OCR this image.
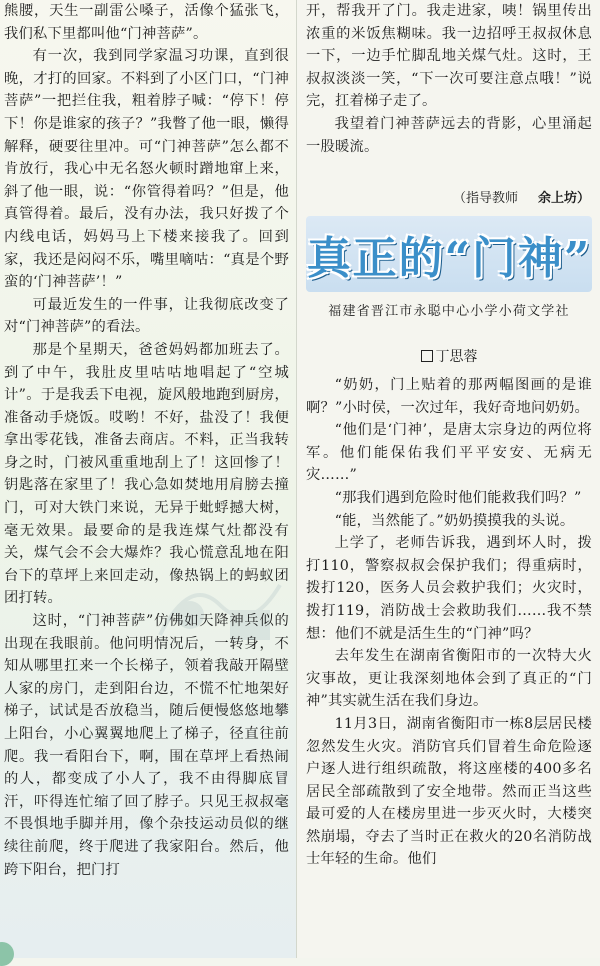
熊腰，天生一副雷公嗓子，活像个猛张飞，我们私下里都叫他“门神菩萨”。

有一次，我到同学家温习功课，直到很晚，才打的回家。不料到了小区门口，“门神菩萨”一把拦住我，粗着脖子喊：“停下！停下！你是谁家的孩子？”我瞥了他一眼，懒得解释，硬要往里冲。可“门神菩萨”怎么都不肯放行，我心中无名怒火顿时蹭地窜上来，斜了他一眼，说：“你管得着吗？”但是，他真管得着。最后，没有办法，我只好拨了个内线电话，妈妈马上下楼来接我了。回到家，我还是闷闷不乐，嘴里嘀咕：“真是个野蛮的‘门神菩萨’！”

可最近发生的一件事，让我彻底改变了对“门神菩萨”的看法。

那是个星期天，爸爸妈妈都加班去了。到了中午，我肚皮里咕咕地唱起了“空城计”。于是我丢下电视，旋风般地跑到厨房，准备动手烧饭。哎哟！不好，盐没了！我便拿出零花钱，准备去商店。不料，正当我转身之时，门被风重重地刮上了！这回惨了！钥匙落在家里了！我心急如焚地用肩膀去撞门，可对大铁门来说，无异于蚍蜉撼大树，毫无效果。最要命的是我连煤气灶都没有关，煤气会不会大爆炸？我心慌意乱地在阳台下的草坪上来回走动，像热锅上的蚂蚁团团打转。

这时，“门神菩萨”仿佛如天降神兵似的出现在我眼前。他问明情况后，一转身，不知从哪里扛来一个长梯子，领着我敲开隔壁人家的房门，走到阳台边，不慌不忙地架好梯子，试试是否放稳当，随后便慢悠悠地攀上阳台，小心翼翼地爬上了梯子，径直往前爬。我一看阳台下，啊，围在草坪上看热闹的人，都变成了小人了，我不由得脚底冒汗，吓得连忙缩了回了脖子。只见王叔叔毫不畏惧地手脚并用，像个杂技运动员似的继续往前爬，终于爬进了我家阳台。然后，他跨下阳台，把门打

开，帮我开了门。我走进家，咦！锅里传出浓重的米饭焦糊味。我一边招呼王叔叔休息一下，一边手忙脚乱地关煤气灶。这时，王叔叔淡淡一笑，“下一次可要注意点哦！”说完，扛着梯子走了。

我望着门神菩萨远去的背影，心里涌起一股暖流。

（指导教师 余上坊）
真正的“门神”
福建省晋江市永聪中心小学小荷文学社
丁思蓉

“奶奶，门上贴着的那两幅图画的是谁啊？”小时侯，一次过年，我好奇地问奶奶。

“他们是‘门神’，是唐太宗身边的两位将军。他们能保佑我们平平安安、无病无灾……”

“那我们遇到危险时他们能救我们吗？”

“能，当然能了。”奶奶摸摸我的头说。

上学了，老师告诉我，遇到坏人时，拨打110，警察叔叔会保护我们；得重病时，拨打120，医务人员会救护我们；火灾时，拨打119，消防战士会救助我们……我不禁想：他们不就是活生生的“门神”吗？

去年发生在湖南省衡阳市的一次特大火灾事故，更让我深刻地体会到了真正的“门神”其实就生活在我们身边。

11月3日，湖南省衡阳市一栋8层居民楼忽然发生火灾。消防官兵们冒着生命危险逐户逐人进行组织疏散，将这座楼的400多名居民全部疏散到了安全地带。然而正当这些最可爱的人在楼房里进一步灭火时，大楼突然崩塌，夺去了当时正在救火的20名消防战士年轻的生命。他们
